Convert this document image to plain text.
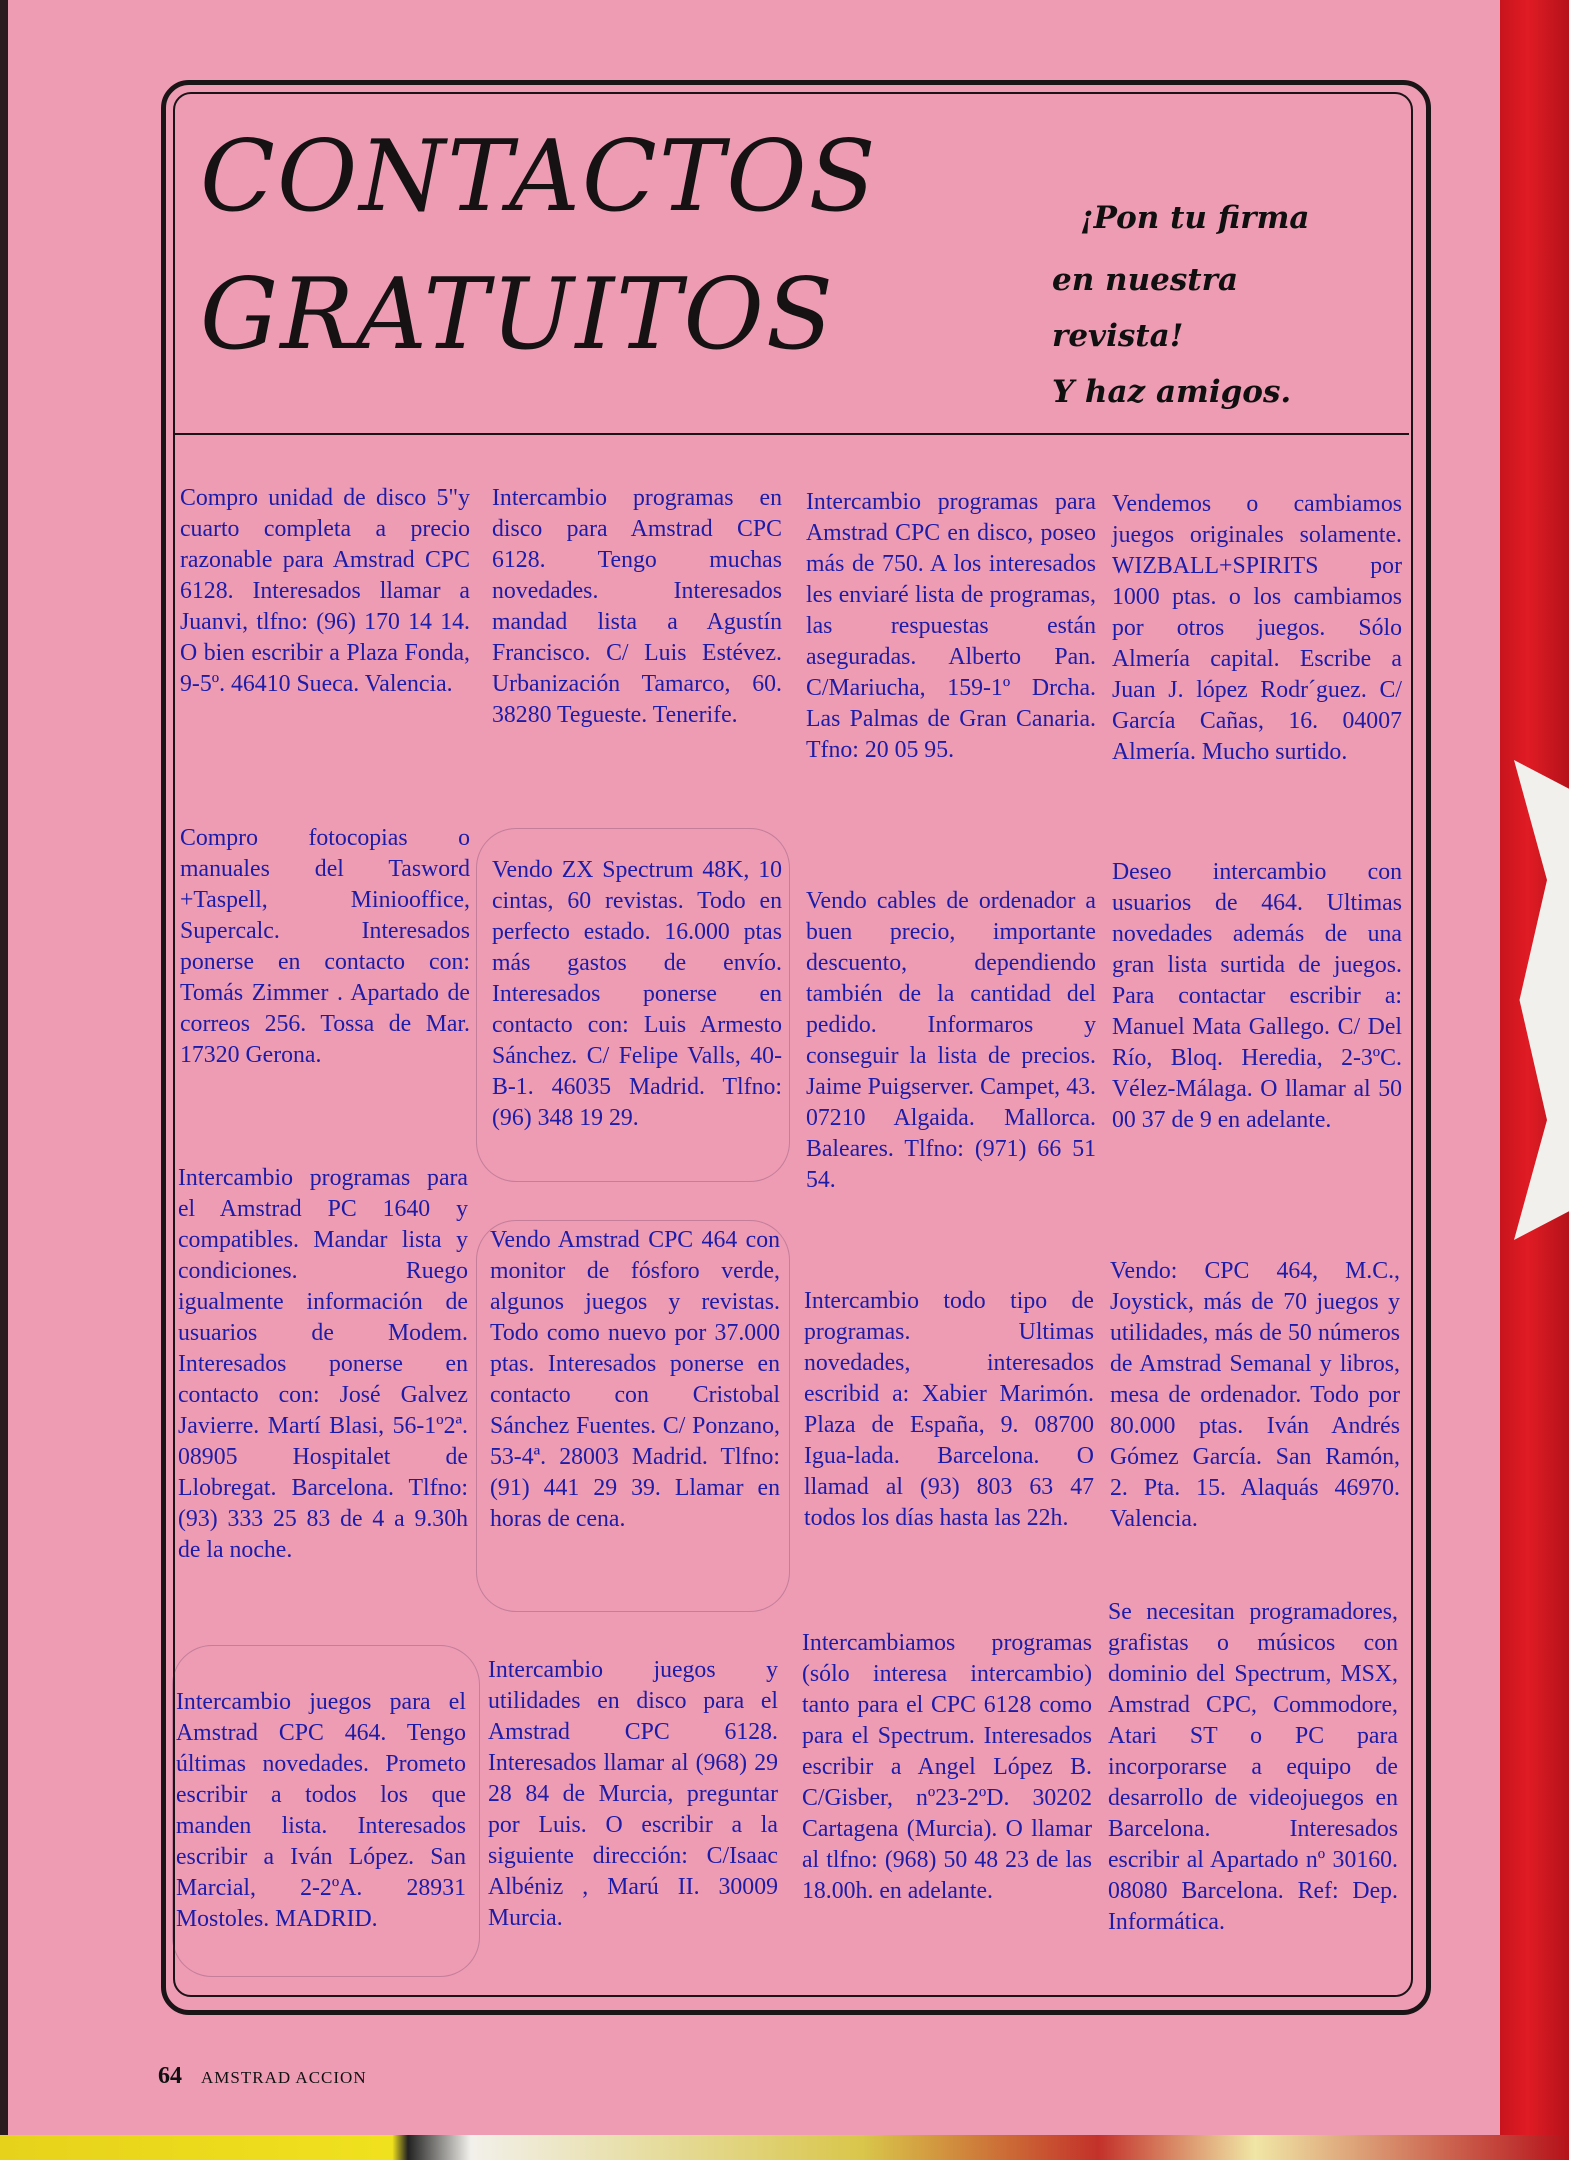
CONTACTOS
GRATUITOS
¡Pon tu firma
en nuestra
revista!
Y haz amigos.

Compro unidad de disco 5"y cuarto completa a precio razonable para Amstrad CPC 6128. Interesados llamar a Juanvi, tlfno: (96) 170 14 14. O bien escribir a Plaza Fonda, 9-5º. 46410 Sueca. Valencia.

Compro fotocopias o manuales del Tasword +Taspell, Miniooffice, Supercalc. Interesados ponerse en contacto con: Tomás Zimmer . Apartado de correos 256. Tossa de Mar. 17320 Gerona.

Intercambio programas para el Amstrad PC 1640 y compatibles. Mandar lista y condiciones. Ruego igualmente información de usuarios de Modem. Interesados ponerse en contacto con: José Galvez Javierre. Martí Blasi, 56-1º2ª. 08905 Hospitalet de Llobregat. Barcelona. Tlfno: (93) 333 25 83 de 4 a 9.30h de la noche.

Intercambio juegos para el Amstrad CPC 464. Tengo últimas novedades. Prometo escribir a todos los que manden lista. Interesados escribir a Iván López. San Marcial, 2-2ºA. 28931 Mostoles. MADRID.

Intercambio programas en disco para Amstrad CPC 6128. Tengo muchas novedades. Interesados mandad lista a Agustín Francisco. C/ Luis Estévez. Urbanización Tamarco, 60. 38280 Tegueste. Tenerife.

Vendo ZX Spectrum 48K, 10 cintas, 60 revistas. Todo en perfecto estado. 16.000 ptas más gastos de envío. Interesados ponerse en contacto con: Luis Armesto Sánchez. C/ Felipe Valls, 40-B-1. 46035 Madrid. Tlfno: (96) 348 19 29.

Vendo Amstrad CPC 464 con monitor de fósforo verde, algunos juegos y revistas. Todo como nuevo por 37.000 ptas. Interesados ponerse en contacto con Cristobal Sánchez Fuentes. C/ Ponzano, 53-4ª. 28003 Madrid. Tlfno: (91) 441 29 39. Llamar en horas de cena.

Intercambio juegos y utilidades en disco para el Amstrad CPC 6128. Interesados llamar al (968) 29 28 84 de Murcia, preguntar por Luis. O escribir a la siguiente dirección: C/Isaac Albéniz , Marú II. 30009 Murcia.

Intercambio programas para Amstrad CPC en disco, poseo más de 750. A los interesados les enviaré lista de programas, las respuestas están aseguradas. Alberto Pan. C/Mariucha, 159-1º Drcha. Las Palmas de Gran Canaria. Tfno: 20 05 95.

Vendo cables de ordenador a buen precio, importante descuento, dependiendo también de la cantidad del pedido. Informaros y conseguir la lista de precios. Jaime Puigserver. Campet, 43. 07210 Algaida. Mallorca. Baleares. Tlfno: (971) 66 51 54.

Intercambio todo tipo de programas. Ultimas novedades, interesados escribid a: Xabier Marimón. Plaza de España, 9. 08700 Igua-lada. Barcelona. O llamad al (93) 803 63 47 todos los días hasta las 22h.

Intercambiamos programas (sólo interesa intercambio) tanto para el CPC 6128 como para el Spectrum. Interesados escribir a Angel López B. C/Gisber, nº23-2ºD. 30202 Cartagena (Murcia). O llamar al tlfno: (968) 50 48 23 de las 18.00h. en adelante.

Vendemos o cambiamos juegos originales solamente. WIZBALL+SPIRITS por 1000 ptas. o los cambiamos por otros juegos. Sólo Almería capital. Escribe a Juan J. lópez Rodr´guez. C/ García Cañas, 16. 04007 Almería. Mucho surtido.

Deseo intercambio con usuarios de 464. Ultimas novedades además de una gran lista surtida de juegos. Para contactar escribir a: Manuel Mata Gallego. C/ Del Río, Bloq. Heredia, 2-3ºC. Vélez-Málaga. O llamar al 50 00 37 de 9 en adelante.

Vendo: CPC 464, M.C., Joystick, más de 70 juegos y utilidades, más de 50 números de Amstrad Semanal y libros, mesa de ordenador. Todo por 80.000 ptas. Iván Andrés Gómez García. San Ramón, 2. Pta. 15. Alaquás 46970. Valencia.

Se necesitan programadores, grafistas o músicos con dominio del Spectrum, MSX, Amstrad CPC, Commodore, Atari ST o PC para incorporarse a equipo de desarrollo de videojuegos en Barcelona. Interesados escribir al Apartado nº 30160. 08080 Barcelona. Ref: Dep. Informática.

64 AMSTRAD ACCION
